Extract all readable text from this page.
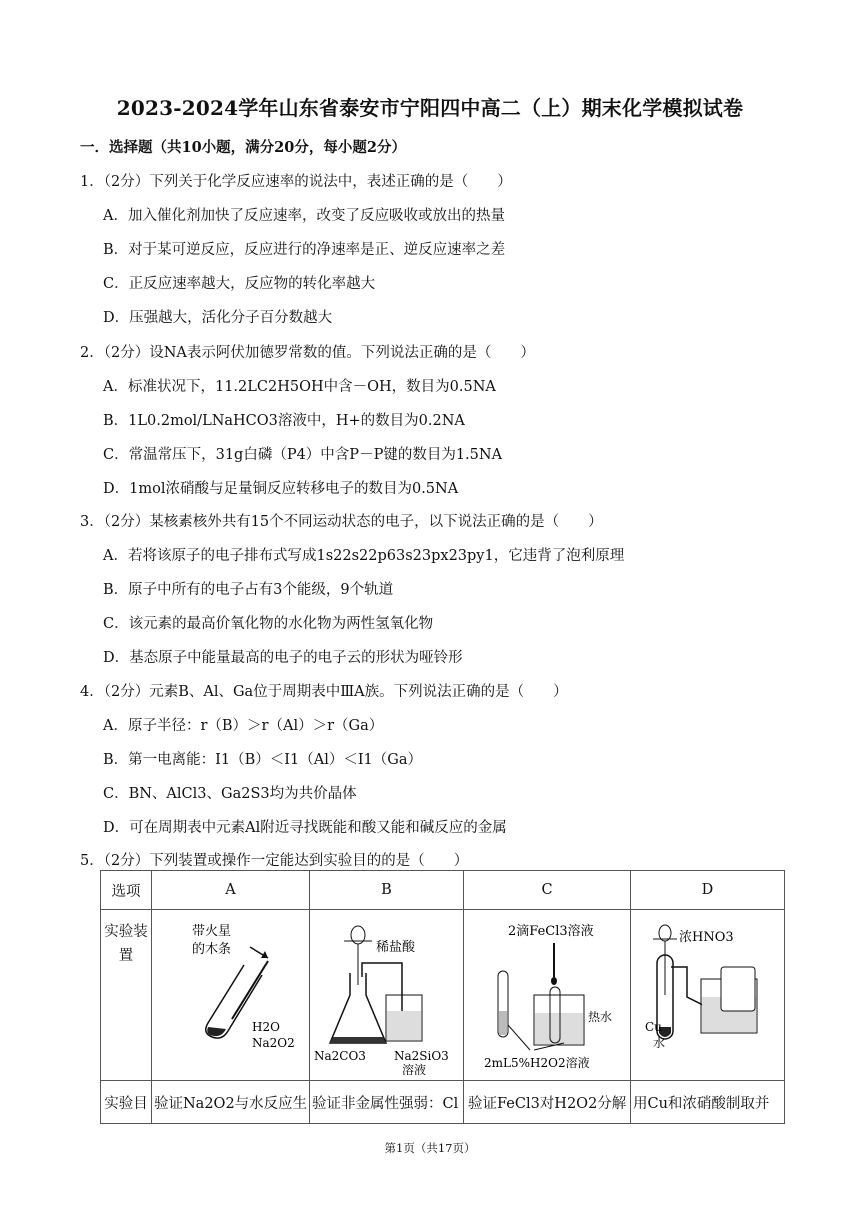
2023-2024学年山东省泰安市宁阳四中高二（上）期末化学模拟试卷
一．选择题（共10小题，满分20分，每小题2分）
1．（2分）下列关于化学反应速率的说法中，表述正确的是（　　）
A．加入催化剂加快了反应速率，改变了反应吸收或放出的热量
B．对于某可逆反应，反应进行的净速率是正、逆反应速率之差
C．正反应速率越大，反应物的转化率越大
D．压强越大，活化分子百分数越大
2．（2分）设NA表示阿伏加德罗常数的值。下列说法正确的是（　　）
A．标准状况下，11.2LC2H5OH中含－OH，数目为0.5NA
B．1L0.2mol/LNaHCO3溶液中，H+的数目为0.2NA
C．常温常压下，31g白磷（P4）中含P－P键的数目为1.5NA
D．1mol浓硝酸与足量铜反应转移电子的数目为0.5NA
3．（2分）某核素核外共有15个不同运动状态的电子，以下说法正确的是（　　）
A．若将该原子的电子排布式写成1s22s22p63s23px23py1，它违背了泡利原理
B．原子中所有的电子占有3个能级，9个轨道
C．该元素的最高价氧化物的水化物为两性氢氧化物
D．基态原子中能量最高的电子的电子云的形状为哑铃形
4．（2分）元素B、Al、Ga位于周期表中ⅢA族。下列说法正确的是（　　）
A．原子半径：r（B）＞r（Al）＞r（Ga）
B．第一电离能：I1（B）＜I1（Al）＜I1（Ga）
C．BN、AlCl3、Ga2S3均为共价晶体
D．可在周期表中元素Al附近寻找既能和酸又能和碱反应的金属
5．（2分）下列装置或操作一定能达到实验目的的是（　　）
选项	A	B	C	D
实验装置	带火星
的木条
H2O
Na2O2	稀盐酸
Na2CO3 Na2SiO3
溶液	2滴FeCl3溶液
热水
2mL5%H2O2溶液	浓HNO3
Cu
水

实验目	验证Na2O2与水反应生	验证非金属性强弱：Cl	验证FeCl3对H2O2分解	用Cu和浓硝酸制取并
第1页（共17页）
